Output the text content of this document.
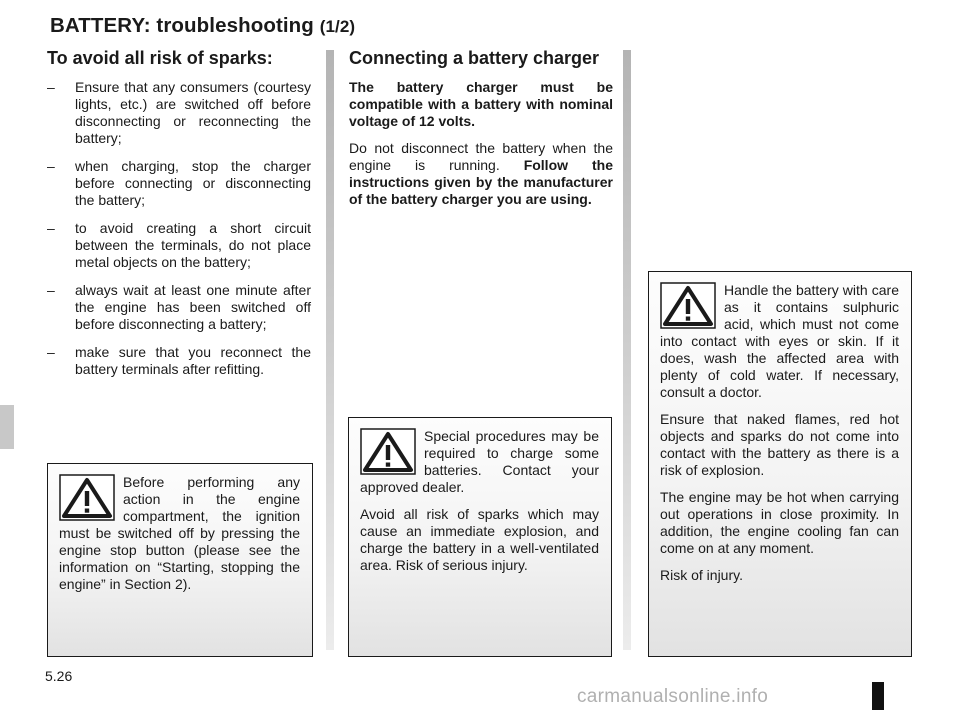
BATTERY: troubleshooting (1/2)
To avoid all risk of sparks:
–	Ensure that any consumers (courtesy lights, etc.) are switched off before disconnecting or reconnecting the battery;
–	when charging, stop the charger before connecting or disconnecting the battery;
–	to avoid creating a short circuit between the terminals, do not place metal objects on the battery;
–	always wait at least one minute after the engine has been switched off before disconnecting a battery;
–	make sure that you reconnect the battery terminals after refitting.

Before performing any action in the engine compartment, the ignition must be switched off by pressing the engine stop button (please see the information on “Starting, stopping the engine” in Section 2).

Connecting a battery charger

The battery charger must be compatible with a battery with nominal voltage of 12 volts.

Do not disconnect the battery when the engine is running. Follow the instructions given by the manufacturer of the battery charger you are using.

Special procedures may be required to charge some batteries. Contact your approved dealer.

Avoid all risk of sparks which may cause an immediate explosion, and charge the battery in a well-ventilated area. Risk of serious injury.

Handle the battery with care as it contains sulphuric acid, which must not come into contact with eyes or skin. If it does, wash the affected area with plenty of cold water. If necessary, consult a doctor.

Ensure that naked flames, red hot objects and sparks do not come into contact with the battery as there is a risk of explosion.

The engine may be hot when carrying out operations in close proximity. In addition, the engine cooling fan can come on at any moment.

Risk of injury.

5.26
carmanualsonline.info
